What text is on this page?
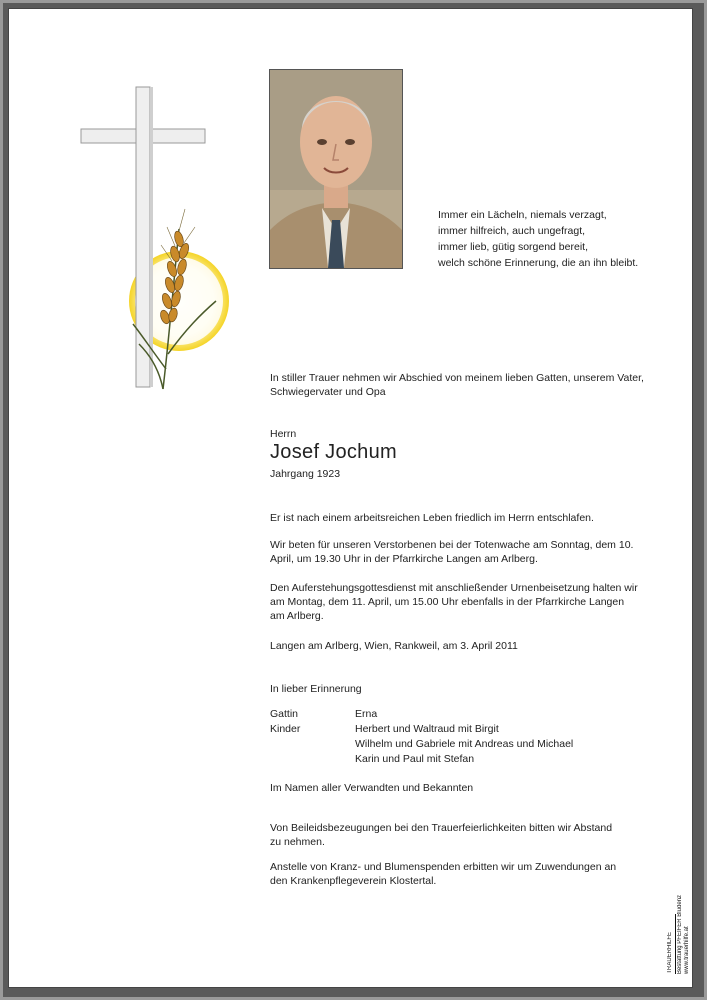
Immer ein Lächeln, niemals verzagt,
immer hilfreich, auch ungefragt,
immer lieb, gütig sorgend bereit,
welch schöne Erinnerung, die an ihn bleibt.
In stiller Trauer nehmen wir Abschied von meinem lieben Gatten, unserem Vater, Schwiegervater und Opa
Herrn
Josef Jochum
Jahrgang 1923
Er ist nach einem arbeitsreichen Leben friedlich im Herrn entschlafen.
Wir beten für unseren Verstorbenen bei der Totenwache am Sonntag, dem 10. April, um 19.30 Uhr in der Pfarrkirche Langen am Arlberg.
Den Auferstehungsgottesdienst mit anschließender Urnenbeisetzung halten wir am Montag, dem 11. April, um 15.00 Uhr ebenfalls in der Pfarrkirche Langen am Arlberg.
Langen am Arlberg, Wien, Rankweil, am 3. April 2011
In lieber Erinnerung
Gattin	Erna
Kinder	Herbert und Waltraud mit Birgit
Wilhelm und Gabriele mit Andreas und Michael
Karin und Paul mit Stefan
Im Namen aller Verwandten und Bekannten
Von Beileidsbezeugungen bei den Trauerfeierlichkeiten bitten wir Abstand zu nehmen.
Anstelle von Kranz- und Blumenspenden erbitten wir um Zuwendungen an den Krankenpflegeverein Klostertal.
TRAUERHILFE Bestattung PFEIFER Bludenz
www.trauerhilfe.at
